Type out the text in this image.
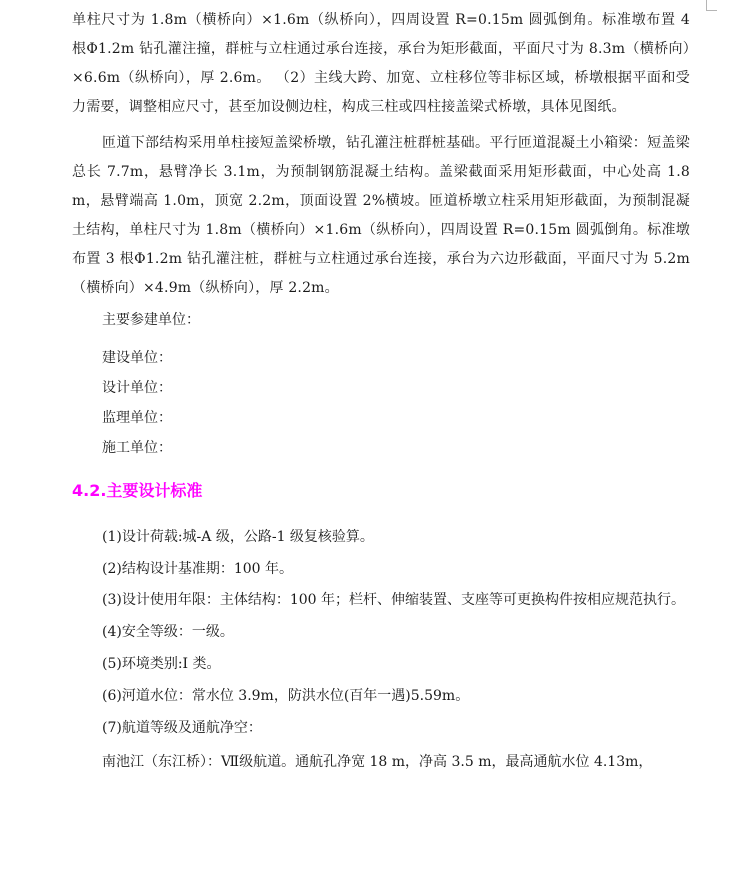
单柱尺寸为 1.8m（横桥向）×1.6m（纵桥向），四周设置 R=0.15m 圆弧倒角。标准墩布置 4 根Φ1.2m 钻孔灌注撞，群桩与立柱通过承台连接，承台为矩形截面，平面尺寸为 8.3m（横桥向）×6.6m（纵桥向），厚 2.6m。 （2）主线大跨、加宽、立柱移位等非标区域，桥墩根据平面和受力需要，调整相应尺寸，甚至加设侧边柱，构成三柱或四柱接盖梁式桥墩，具体见图纸。

匝道下部结构采用单柱接短盖梁桥墩，钻孔灌注桩群桩基础。平行匝道混凝土小箱梁：短盖梁总长 7.7m，悬臂净长 3.1m，为预制钢筋混凝土结构。盖梁截面采用矩形截面，中心处高 1.8m，悬臂端高 1.0m，顶宽 2.2m，顶面设置 2%横坡。匝道桥墩立柱采用矩形截面，为预制混凝土结构，单柱尺寸为 1.8m（横桥向）×1.6m（纵桥向），四周设置 R=0.15m 圆弧倒角。标准墩布置 3 根Φ1.2m 钻孔灌注桩，群桩与立柱通过承台连接，承台为六边形截面，平面尺寸为 5.2m（横桥向）×4.9m（纵桥向），厚 2.2m。

主要参建单位：

建设单位：

设计单位：

监理单位：

施工单位：

4.2.主要设计标准

(1)设计荷载:城-A 级，公路-1 级复核验算。

(2)结构设计基准期：100 年。

(3)设计使用年限：主体结构：100 年；栏杆、伸缩装置、支座等可更换构件按相应规范执行。

(4)安全等级：一级。

(5)环境类别:I 类。

(6)河道水位：常水位 3.9m，防洪水位(百年一遇)5.59m。

(7)航道等级及通航净空：

南池江（东江桥）：Ⅶ级航道。通航孔净宽 18 m，净高 3.5 m，最高通航水位 4.13m，
